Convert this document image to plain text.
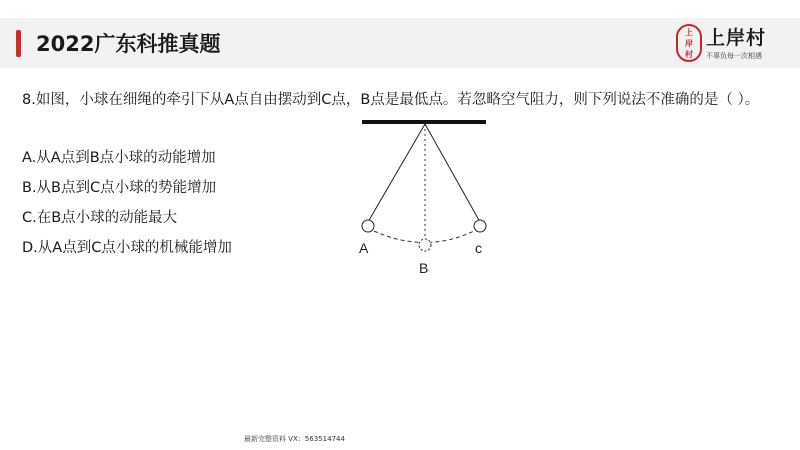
2022广东科推真题	上
岸
村
上岸村
不辜负每一次相遇
8.如图，小球在细绳的牵引下从A点自由摆动到C点，B点是最低点。若忽略空气阻力，则下列说法不准确的是（ ）。
A.从A点到B点小球的动能增加
B.从B点到C点小球的势能增加
C.在B点小球的动能最大
D.从A点到C点小球的机械能增加	A
B
c
最新完整资料 VX：563514744
